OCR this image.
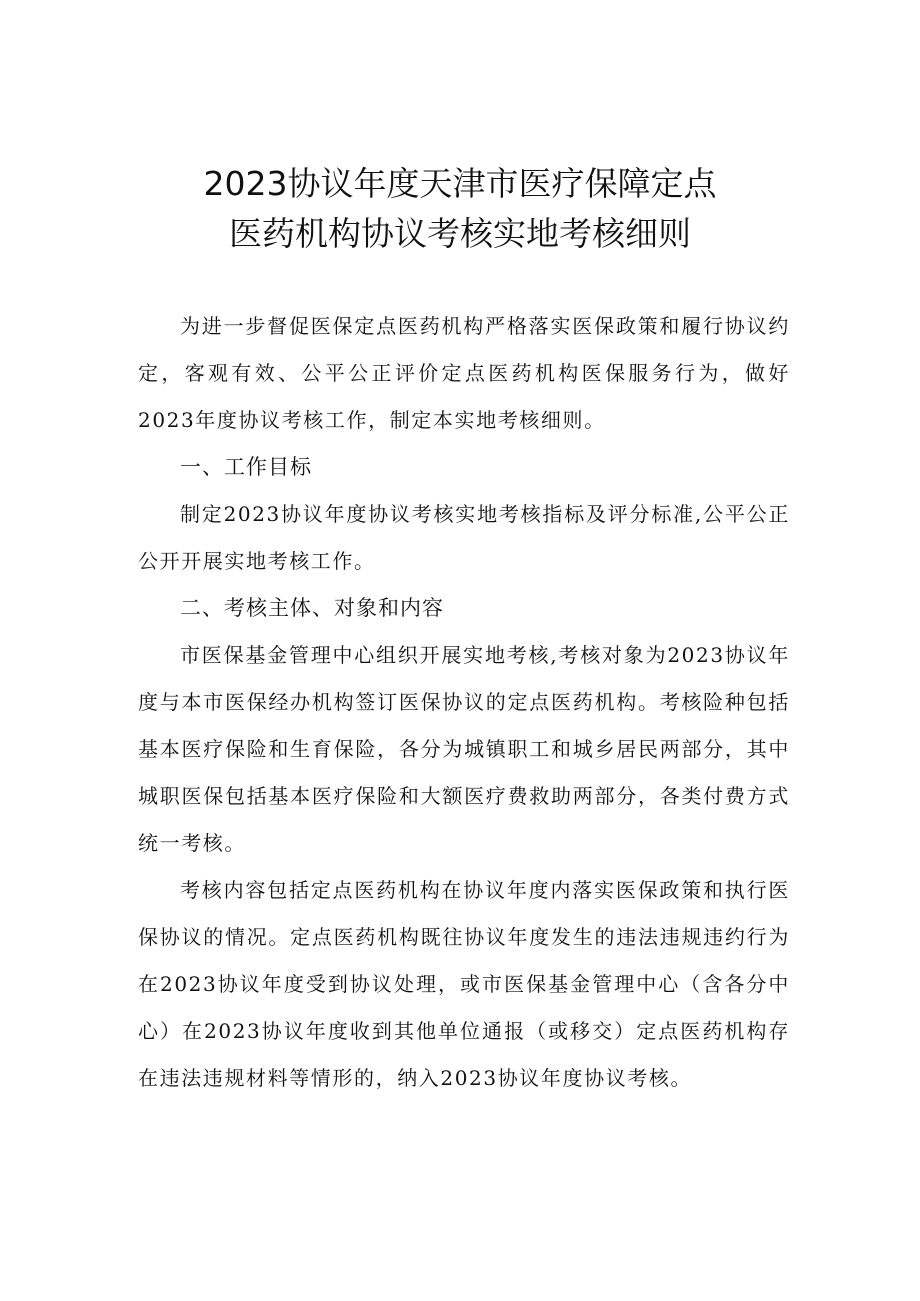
2023协议年度天津市医疗保障定点
医药机构协议考核实地考核细则

为进一步督促医保定点医药机构严格落实医保政策和履行协议约定，客观有效、公平公正评价定点医药机构医保服务行为，做好2023年度协议考核工作，制定本实地考核细则。

一、工作目标

制定2023协议年度协议考核实地考核指标及评分标准,公平公正公开开展实地考核工作。

二、考核主体、对象和内容

市医保基金管理中心组织开展实地考核,考核对象为2023协议年度与本市医保经办机构签订医保协议的定点医药机构。考核险种包括基本医疗保险和生育保险，各分为城镇职工和城乡居民两部分，其中城职医保包括基本医疗保险和大额医疗费救助两部分，各类付费方式统一考核。

考核内容包括定点医药机构在协议年度内落实医保政策和执行医保协议的情况。定点医药机构既往协议年度发生的违法违规违约行为在2023协议年度受到协议处理，或市医保基金管理中心（含各分中心）在2023协议年度收到其他单位通报（或移交）定点医药机构存在违法违规材料等情形的，纳入2023协议年度协议考核。
